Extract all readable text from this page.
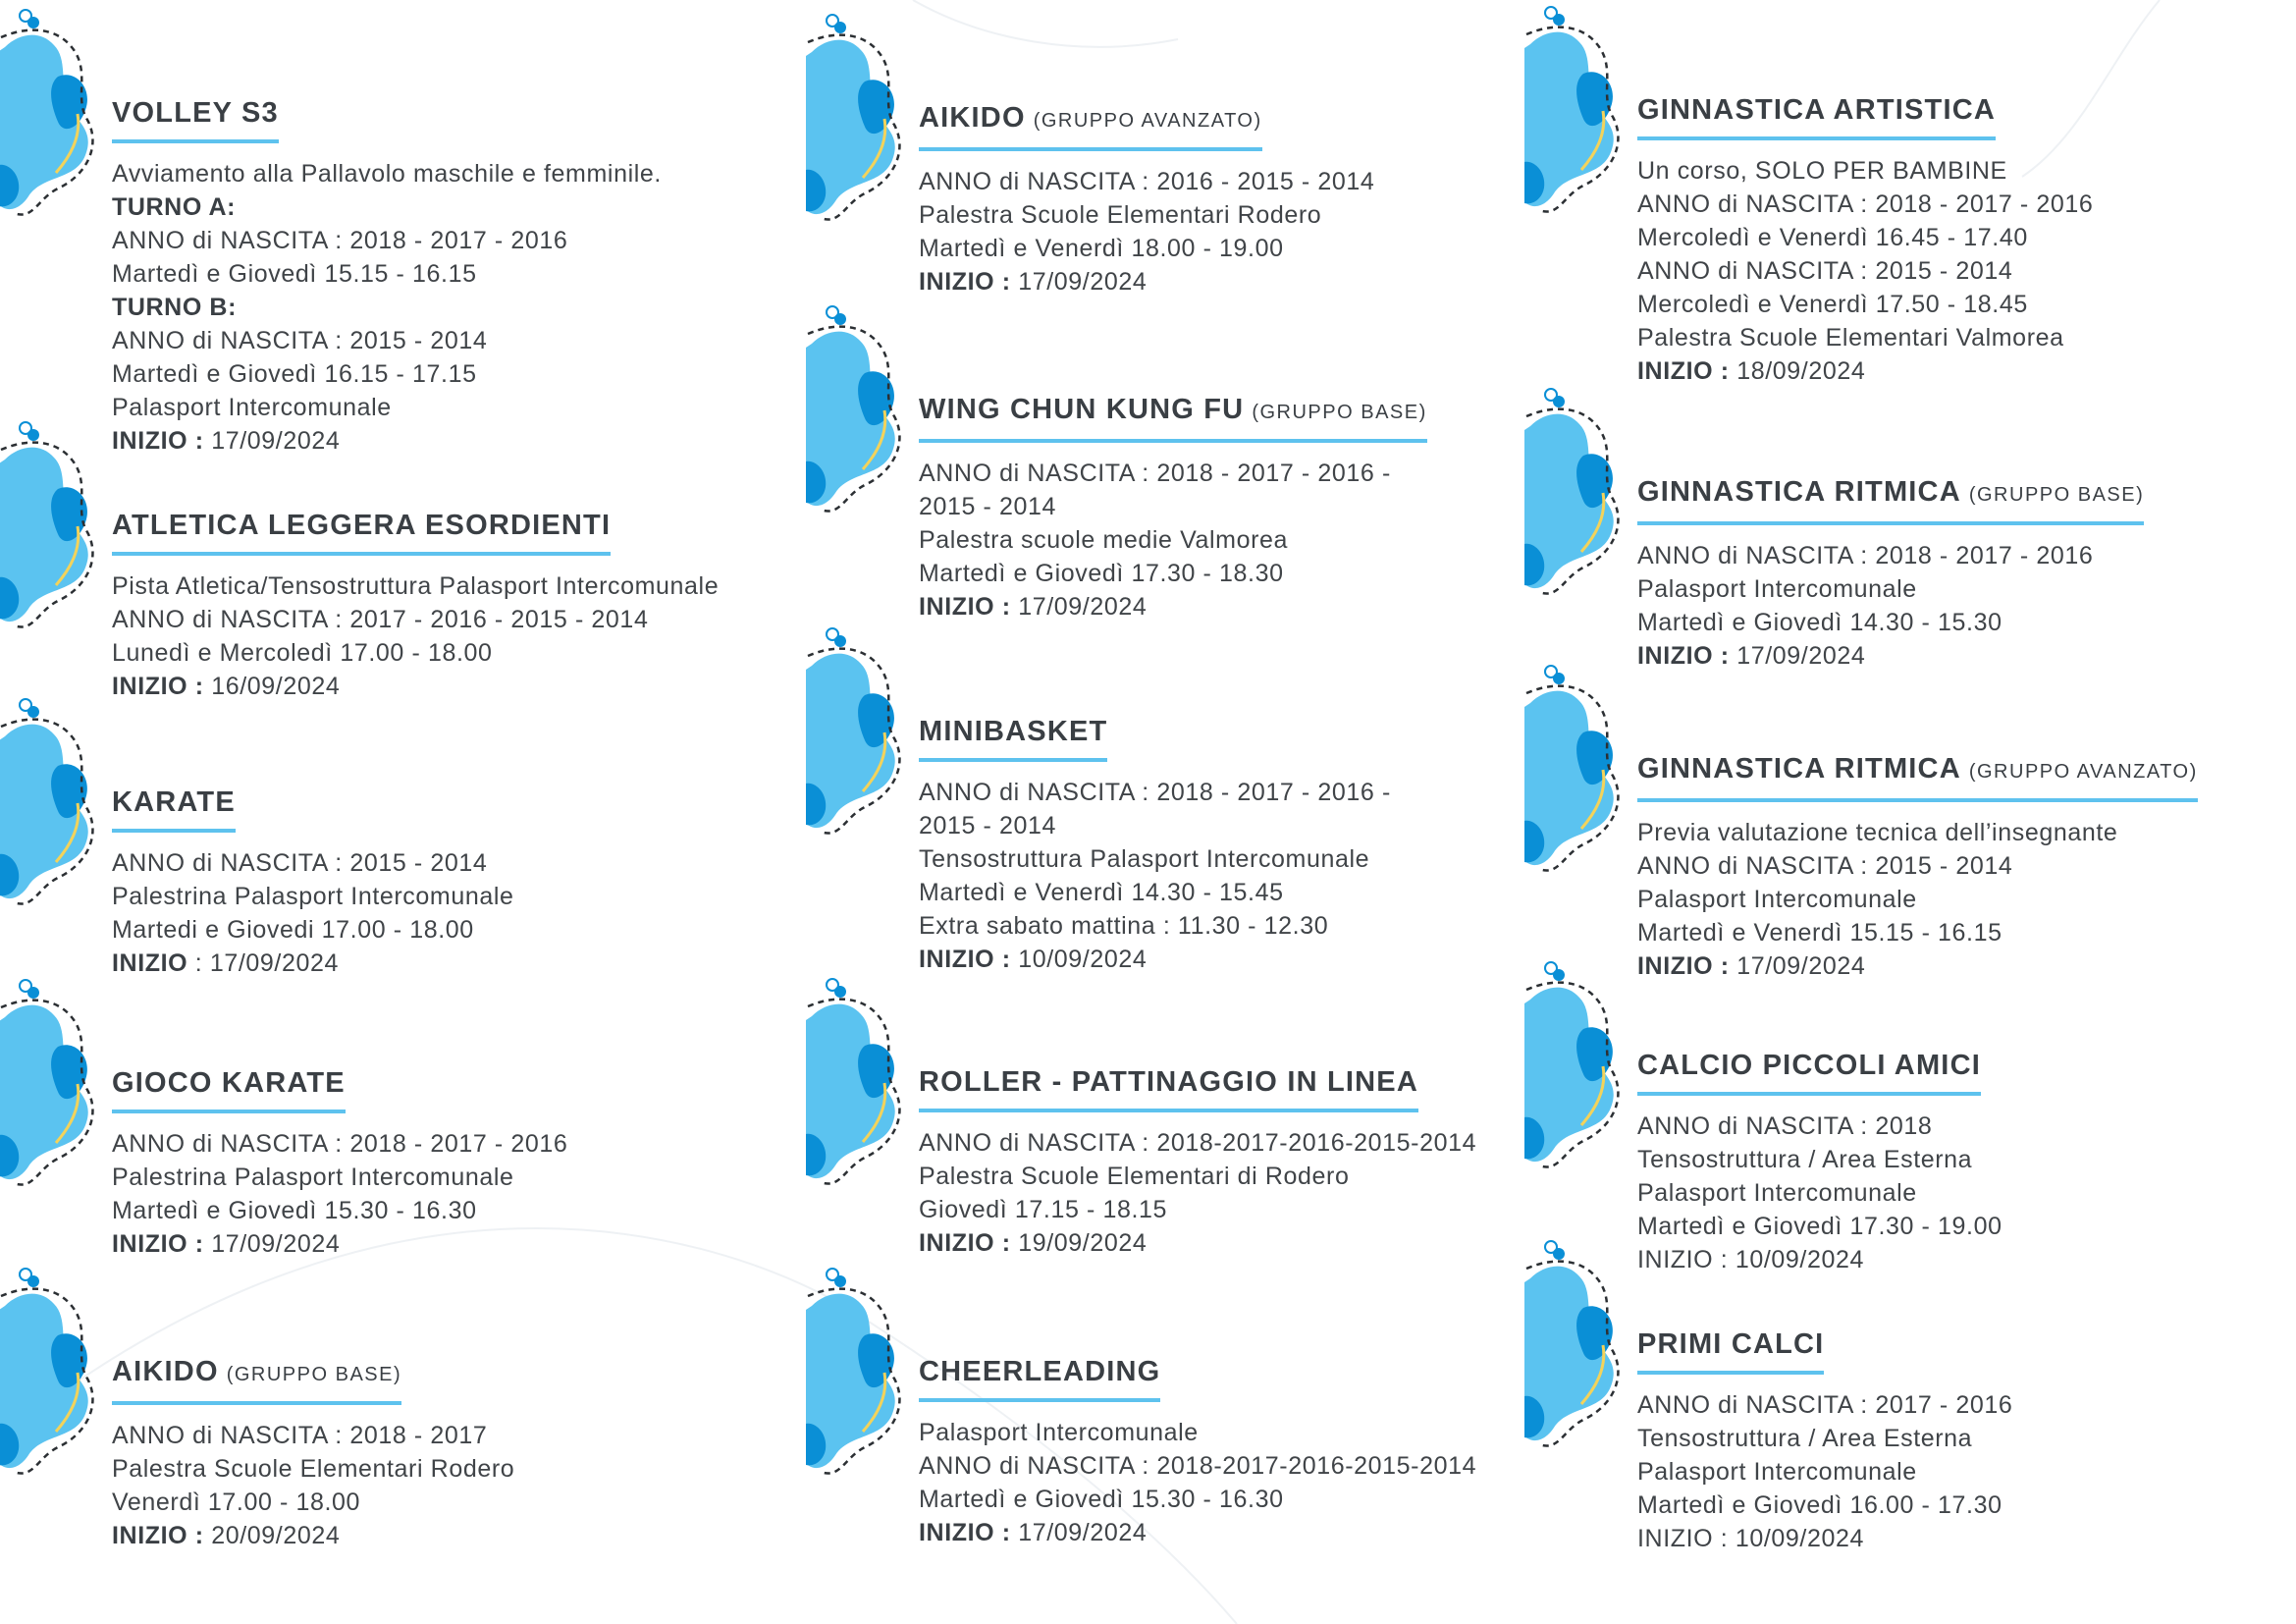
VOLLEY S3
Avviamento alla Pallavolo maschile e femminile.
TURNO A:
ANNO di NASCITA : 2018 - 2017 - 2016
Martedì e Giovedì 15.15 - 16.15
TURNO B:
ANNO di NASCITA : 2015 - 2014
Martedì e Giovedì 16.15 - 17.15
Palasport Intercomunale
INIZIO : 17/09/2024
ATLETICA LEGGERA ESORDIENTI
Pista Atletica/Tensostruttura Palasport Intercomunale
ANNO di NASCITA : 2017 - 2016 - 2015 - 2014
Lunedì e Mercoledì 17.00 - 18.00
INIZIO : 16/09/2024
KARATE
ANNO di NASCITA : 2015 - 2014
Palestrina Palasport Intercomunale
Martedi e Giovedi 17.00 - 18.00
INIZIO : 17/09/2024
GIOCO KARATE
ANNO di NASCITA : 2018 - 2017 - 2016
Palestrina Palasport Intercomunale
Martedì e Giovedì 15.30 - 16.30
INIZIO : 17/09/2024
AIKIDO (GRUPPO BASE)
ANNO di NASCITA : 2018 - 2017
Palestra Scuole Elementari Rodero
Venerdì 17.00 - 18.00
INIZIO : 20/09/2024
AIKIDO (GRUPPO AVANZATO)
ANNO di NASCITA : 2016 - 2015 - 2014
Palestra Scuole Elementari Rodero
Martedì e Venerdì 18.00 - 19.00
INIZIO : 17/09/2024
WING CHUN KUNG FU (GRUPPO BASE)
ANNO di NASCITA : 2018 - 2017 - 2016 -
2015 - 2014
Palestra scuole medie Valmorea
Martedì e Giovedì 17.30 - 18.30
INIZIO : 17/09/2024
MINIBASKET
ANNO di NASCITA : 2018 - 2017 - 2016 -
2015 - 2014
Tensostruttura Palasport Intercomunale
Martedì e Venerdì 14.30 - 15.45
Extra sabato mattina : 11.30 - 12.30
INIZIO : 10/09/2024
ROLLER - PATTINAGGIO IN LINEA
ANNO di NASCITA : 2018-2017-2016-2015-2014
Palestra Scuole Elementari di Rodero
Giovedì 17.15 - 18.15
INIZIO : 19/09/2024
CHEERLEADING
Palasport Intercomunale
ANNO di NASCITA : 2018-2017-2016-2015-2014
Martedì e Giovedì 15.30 - 16.30
INIZIO : 17/09/2024
GINNASTICA ARTISTICA
Un corso, SOLO PER BAMBINE
ANNO di NASCITA : 2018 - 2017 - 2016
Mercoledì e Venerdì 16.45 - 17.40
ANNO di NASCITA : 2015 - 2014
Mercoledì e Venerdì 17.50 - 18.45
Palestra Scuole Elementari Valmorea
INIZIO : 18/09/2024
GINNASTICA RITMICA (GRUPPO BASE)
ANNO di NASCITA : 2018 - 2017 - 2016
Palasport Intercomunale
Martedì e Giovedì 14.30 - 15.30
INIZIO : 17/09/2024
GINNASTICA RITMICA (GRUPPO AVANZATO)
Previa valutazione tecnica dell’insegnante
ANNO di NASCITA : 2015 - 2014
Palasport Intercomunale
Martedì e Venerdì 15.15 - 16.15
INIZIO : 17/09/2024
CALCIO PICCOLI AMICI
ANNO di NASCITA : 2018
Tensostruttura / Area Esterna
Palasport Intercomunale
Martedì e Giovedì 17.30 - 19.00
INIZIO : 10/09/2024
PRIMI CALCI
ANNO di NASCITA : 2017 - 2016
Tensostruttura / Area Esterna
Palasport Intercomunale
Martedì e Giovedì 16.00 - 17.30
INIZIO : 10/09/2024
